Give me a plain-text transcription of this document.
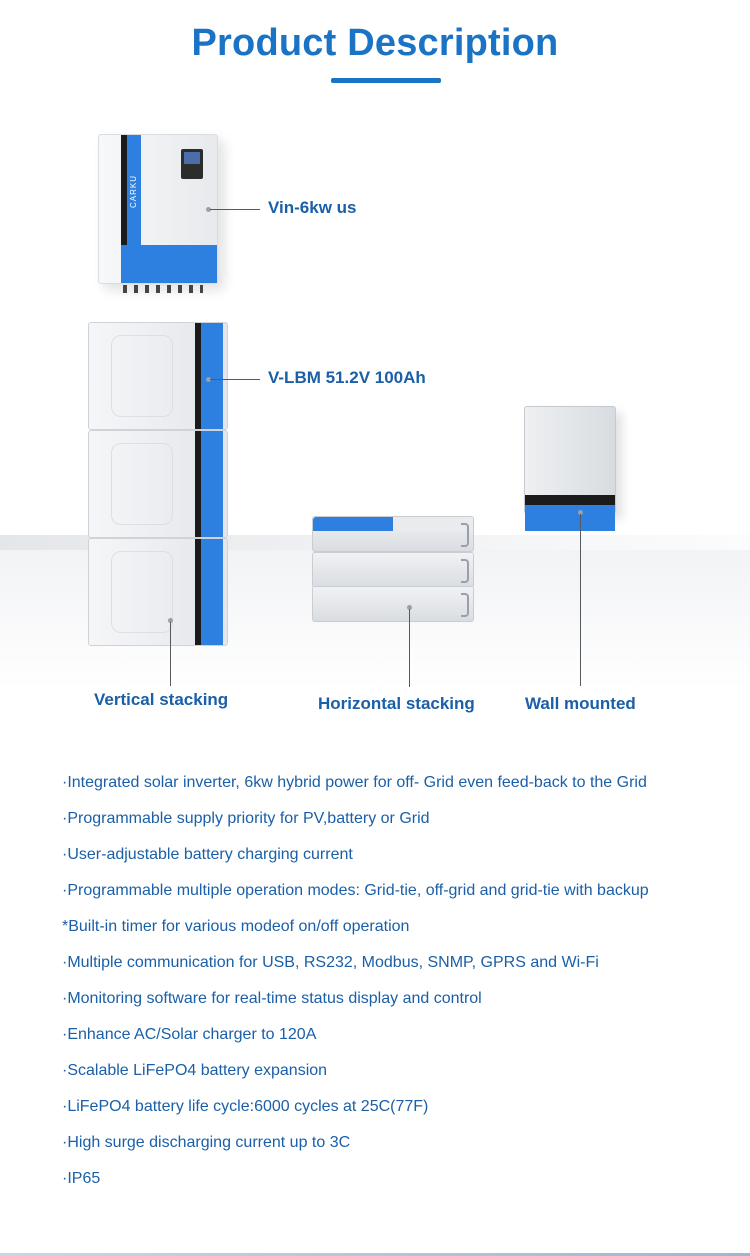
Product Description
CARKU	Vin-6kw us
V-LBM 51.2V 100Ah
Vertical stacking	Horizontal stacking	Wall mounted
·Integrated solar inverter, 6kw hybrid power for off- Grid even feed-back to the Grid
·Programmable supply priority for PV,battery or Grid
·User-adjustable battery charging current
·Programmable multiple operation modes: Grid-tie, off-grid and grid-tie with backup
*Built-in timer for various modeof on/off operation
·Multiple communication for USB, RS232, Modbus, SNMP, GPRS and Wi-Fi
·Monitoring software for real-time status display and control
·Enhance AC/Solar charger to 120A
·Scalable LiFePO4 battery expansion
·LiFePO4 battery life cycle:6000 cycles at 25C(77F)
·High surge discharging current up to 3C
·IP65
